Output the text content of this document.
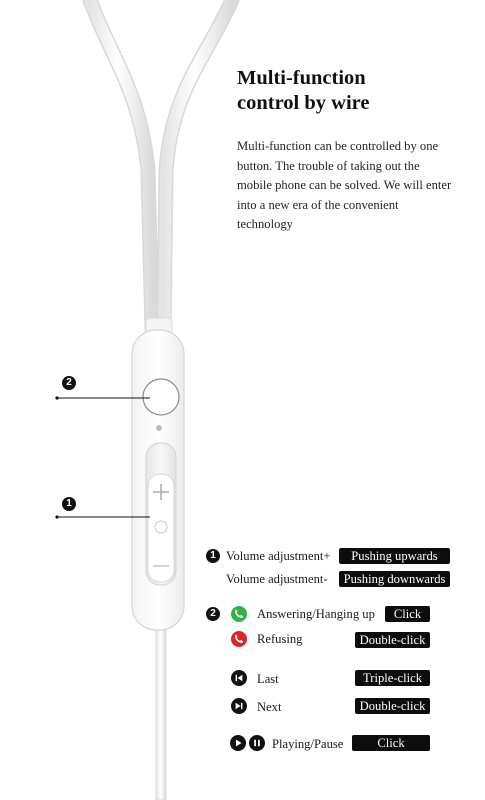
Multi-function
control by wire
Multi-function can be controlled by one button. The trouble of taking out the mobile phone can be solved. We will enter into a new era of the convenient technology
2
1
1 Volume adjustment+	Pushing upwards
Volume adjustment-	Pushing downwards
2	Answering/Hanging up	Click
Refusing	Double-click
Last	Triple-click
Next	Double-click
Playing/Pause	Click
